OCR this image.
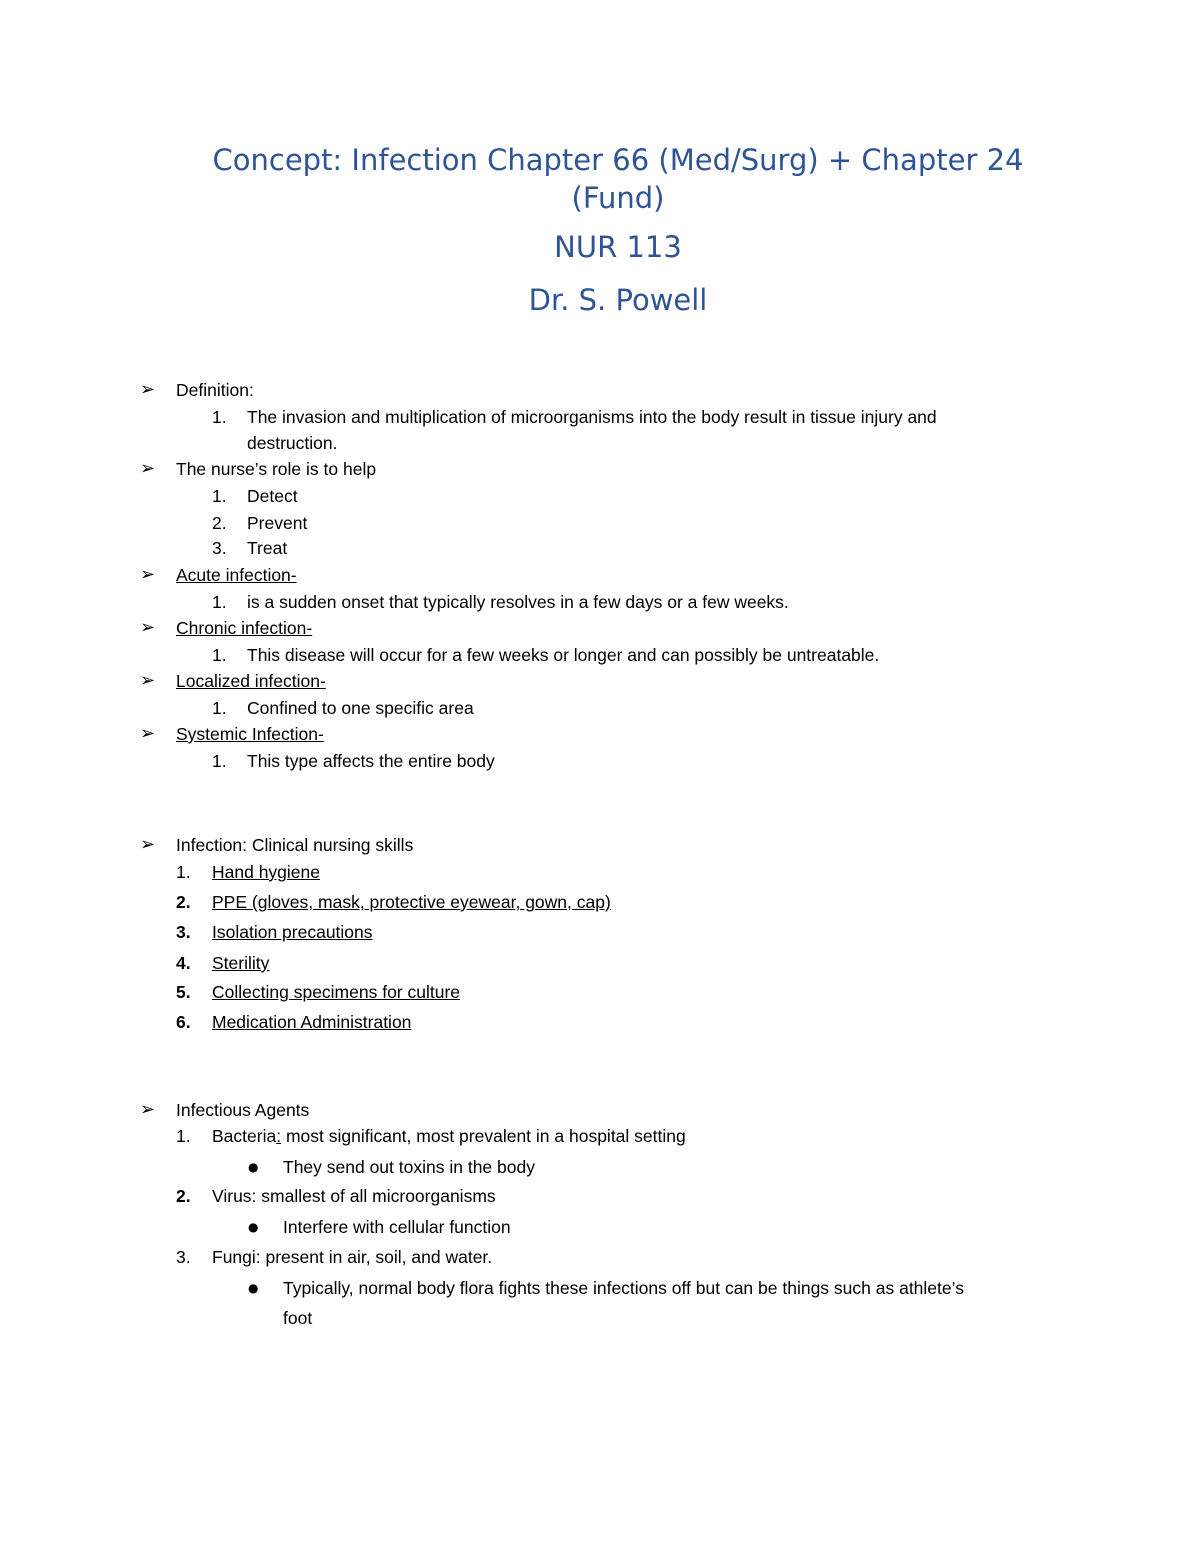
Concept: Infection Chapter 66 (Med/Surg) + Chapter 24
(Fund)
NUR 113
Dr. S. Powell
➢ Definition:
1. The invasion and multiplication of microorganisms into the body result in tissue injury and
destruction.
➢ The nurse’s role is to help
1. Detect
2. Prevent
3. Treat
➢ Acute infection-
1. is a sudden onset that typically resolves in a few days or a few weeks.
➢ Chronic infection-
1. This disease will occur for a few weeks or longer and can possibly be untreatable.
➢ Localized infection-
1. Confined to one specific area
➢ Systemic Infection-
1. This type affects the entire body
➢ Infection: Clinical nursing skills
1. Hand hygiene
2. PPE (gloves, mask, protective eyewear, gown, cap)
3. Isolation precautions
4. Sterility
5. Collecting specimens for culture
6. Medication Administration
➢ Infectious Agents
1. Bacteria: most significant, most prevalent in a hospital setting
● They send out toxins in the body
2. Virus: smallest of all microorganisms
● Interfere with cellular function
3. Fungi: present in air, soil, and water.
● Typically, normal body flora fights these infections off but can be things such as athlete’s
foot
